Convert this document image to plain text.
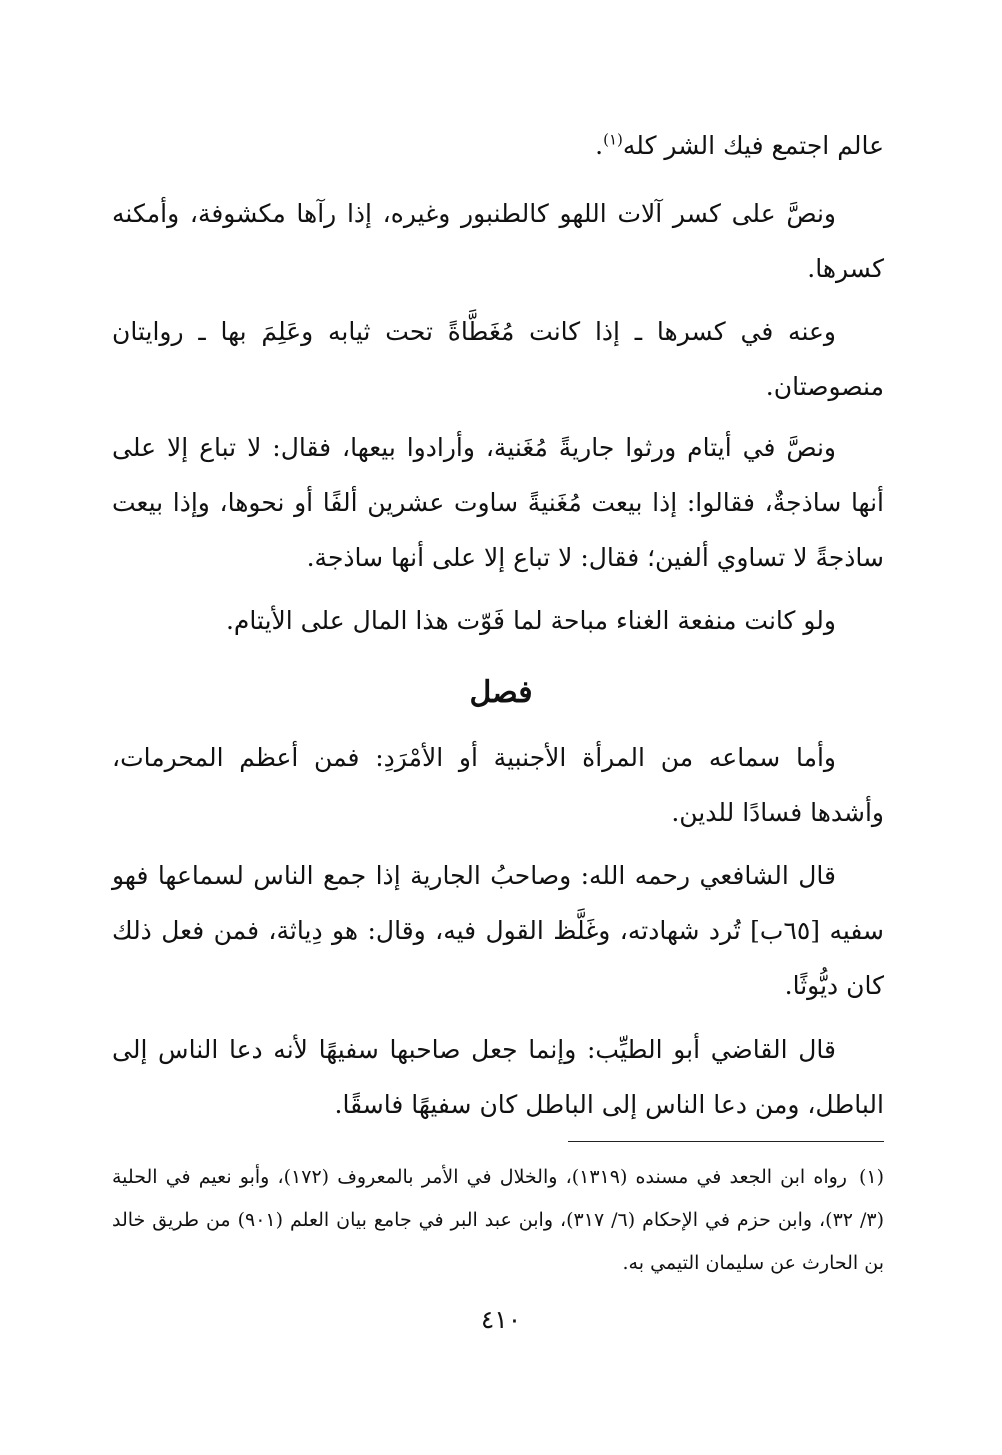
عالم اجتمع فيك الشر كله$^{(١)}$.

ونصَّ على كسر آلات اللهو كالطنبور وغيره، إذا رآها مكشوفة، وأمكنه كسرها.

وعنه في كسرها ـ إذا كانت مُغَطَّاةً تحت ثيابه وعَلِمَ بها ـ روايتان منصوصتان.

ونصَّ في أيتام ورثوا جاريةً مُغَنية، وأرادوا بيعها، فقال: لا تباع إلا على أنها ساذجةٌ، فقالوا: إذا بيعت مُغَنيةً ساوت عشرين ألفًا أو نحوها، وإذا بيعت ساذجةً لا تساوي ألفين؛ فقال: لا تباع إلا على أنها ساذجة.

ولو كانت منفعة الغناء مباحة لما فَوّت هذا المال على الأيتام.

فصل

وأما سماعه من المرأة الأجنبية أو الأمْرَدِ: فمن أعظم المحرمات، وأشدها فسادًا للدين.

قال الشافعي رحمه الله: وصاحبُ الجارية إذا جمع الناس لسماعها فهو سفيه [٦٥ب] تُرد شهادته، وغَلَّظ القول فيه، وقال: هو دِياثة، فمن فعل ذلك كان ديُّوثًا.

قال القاضي أبو الطيِّب: وإنما جعل صاحبها سفيهًا لأنه دعا الناس إلى الباطل، ومن دعا الناس إلى الباطل كان سفيهًا فاسقًا.

(١)رواه ابن الجعد في مسنده (١٣١٩)، والخلال في الأمر بالمعروف (١٧٢)، وأبو نعيم في الحلية (٣/ ٣٢)، وابن حزم في الإحكام (٦/ ٣١٧)، وابن عبد البر في جامع بيان العلم (٩٠١) من طريق خالد بن الحارث عن سليمان التيمي به.

٤١٠
